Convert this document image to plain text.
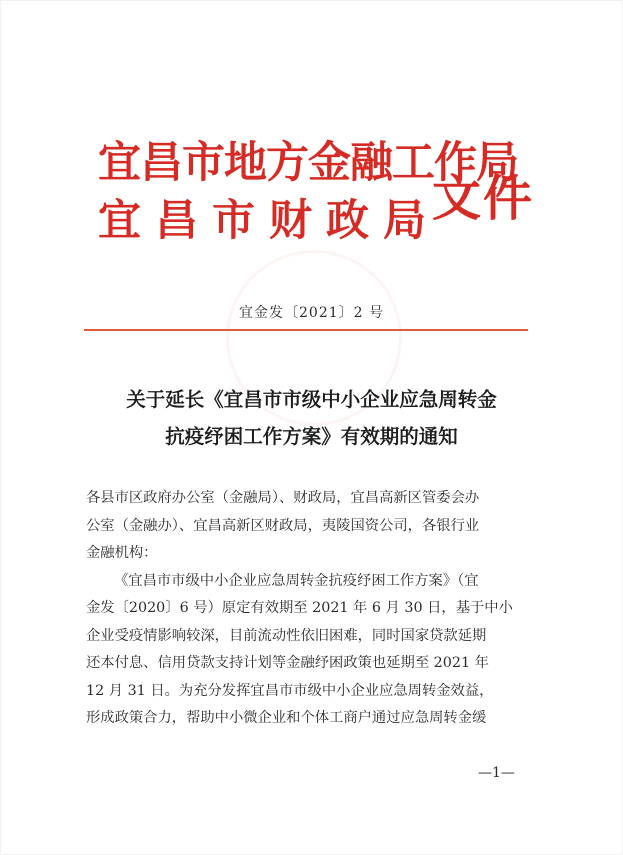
宜昌市地方金融工作局
宜昌市财政局
文件
宜金发〔2021〕2 号
关于延长《宜昌市市级中小企业应急周转金
抗疫纾困工作方案》有效期的通知
各县市区政府办公室（金融局）、财政局，宜昌高新区管委会办
公室（金融办）、宜昌高新区财政局，夷陵国资公司，各银行业
金融机构：
《宜昌市市级中小企业应急周转金抗疫纾困工作方案》（宜
金发〔2020〕6 号）原定有效期至 2021 年 6 月 30 日，基于中小
企业受疫情影响较深，目前流动性依旧困难，同时国家贷款延期
还本付息、信用贷款支持计划等金融纾困政策也延期至 2021 年
12 月 31 日。为充分发挥宜昌市市级中小企业应急周转金效益，
形成政策合力，帮助中小微企业和个体工商户通过应急周转金缓
—1—
